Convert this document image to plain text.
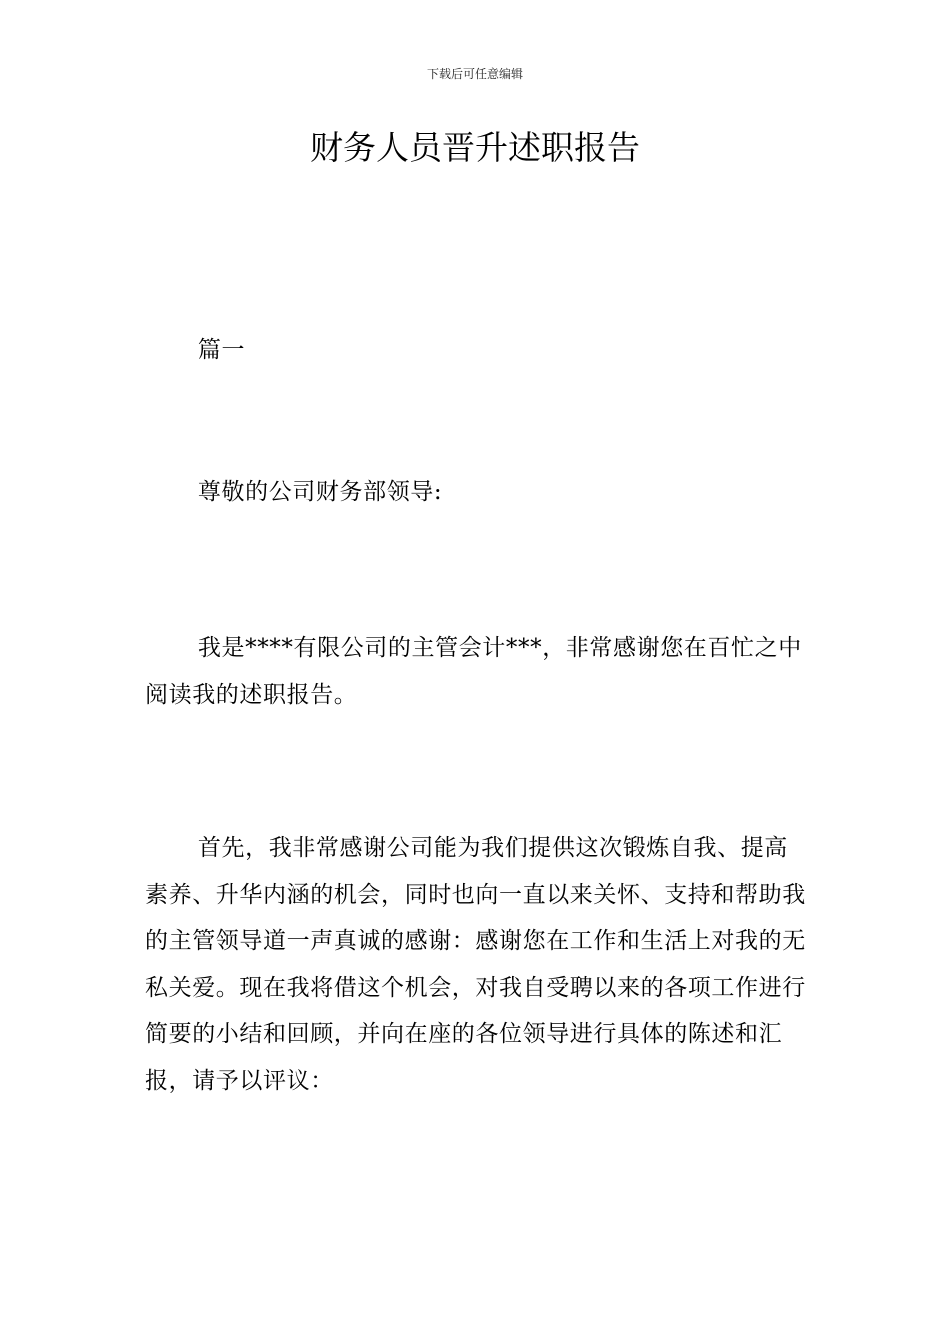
下载后可任意编辑
财务人员晋升述职报告

篇一

尊敬的公司财务部领导:

我是****有限公司的主管会计***，非常感谢您在百忙之中阅读我的述职报告。

首先，我非常感谢公司能为我们提供这次锻炼自我、提高素养、升华内涵的机会，同时也向一直以来关怀、支持和帮助我的主管领导道一声真诚的感谢：感谢您在工作和生活上对我的无私关爱。现在我将借这个机会，对我自受聘以来的各项工作进行简要的小结和回顾，并向在座的各位领导进行具体的陈述和汇报，请予以评议：
